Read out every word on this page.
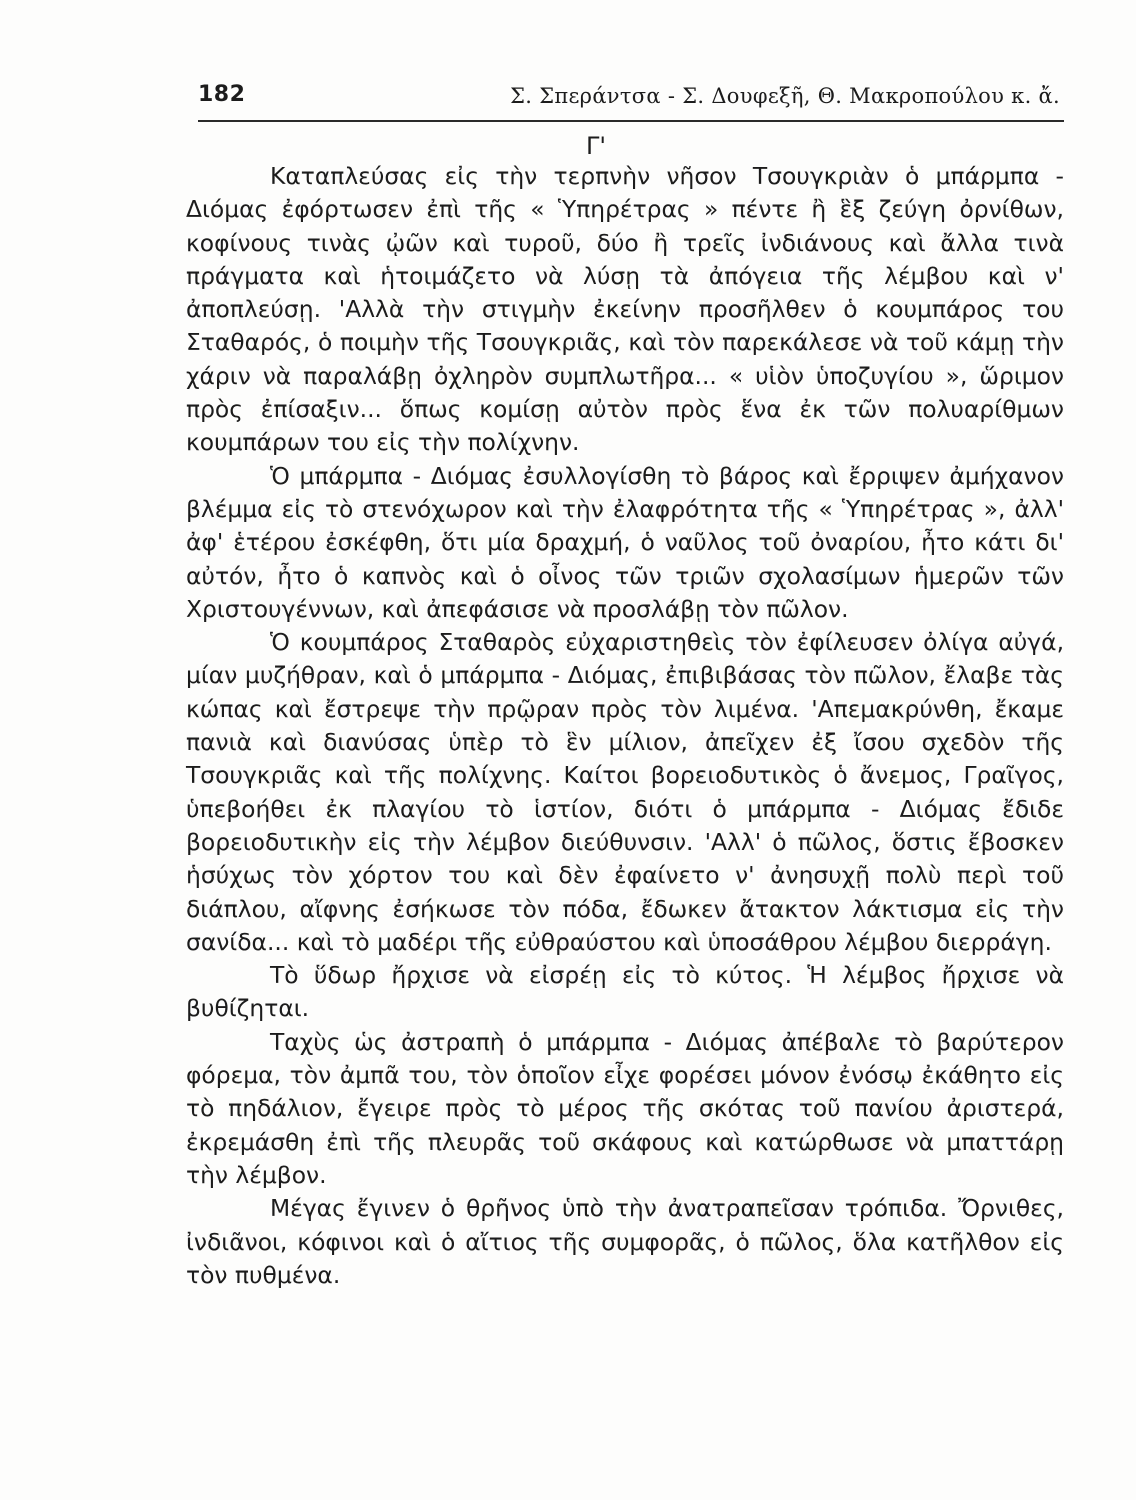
182	Σ. Σπεράντσα - Σ. Δουφεξῆ, Θ. Μακροπούλου κ. ἄ.
Γ'

Καταπλεύσας εἰς τὴν τερπνὴν νῆσον Τσουγκριὰν ὁ μπάρμπα - Διόμας ἐφόρτωσεν ἐπὶ τῆς « Ὑπηρέτρας » πέντε ἢ ἓξ ζεύγη ὀρνίθων, κοφίνους τινὰς ᾠῶν καὶ τυροῦ, δύο ἢ τρεῖς ἰνδιάνους καὶ ἄλλα τινὰ πράγματα καὶ ἡτοιμάζετο νὰ λύσῃ τὰ ἀπόγεια τῆς λέμβου καὶ ν' ἀποπλεύσῃ. 'Αλλὰ τὴν στιγμὴν ἐκείνην προσῆλθεν ὁ κουμπάρος του Σταθαρός, ὁ ποιμὴν τῆς Τσουγκριᾶς, καὶ τὸν παρεκάλεσε νὰ τοῦ κάμῃ τὴν χάριν νὰ παραλάβῃ ὀχληρὸν συμπλωτῆρα... « υἱὸν ὑποζυγίου », ὥριμον πρὸς ἐπίσαξιν... ὅπως κομίσῃ αὐτὸν πρὸς ἕνα ἐκ τῶν πολυαρίθμων κουμπάρων του εἰς τὴν πολίχνην.

Ὁ μπάρμπα - Διόμας ἐσυλλογίσθη τὸ βάρος καὶ ἔρριψεν ἀμήχανον βλέμμα εἰς τὸ στενόχωρον καὶ τὴν ἐλαφρότητα τῆς « Ὑπηρέτρας », ἀλλ' ἀφ' ἑτέρου ἐσκέφθη, ὅτι μία δραχμή, ὁ ναῦλος τοῦ ὀναρίου, ἦτο κάτι δι' αὐτόν, ἦτο ὁ καπνὸς καὶ ὁ οἶνος τῶν τριῶν σχολασίμων ἡμερῶν τῶν Χριστουγέννων, καὶ ἀπεφάσισε νὰ προσλάβῃ τὸν πῶλον.

Ὁ κουμπάρος Σταθαρὸς εὐχαριστηθεὶς τὸν ἐφίλευσεν ὀλίγα αὐγά, μίαν μυζήθραν, καὶ ὁ μπάρμπα - Διόμας, ἐπιβιβάσας τὸν πῶλον, ἔλαβε τὰς κώπας καὶ ἔστρεψε τὴν πρῷραν πρὸς τὸν λιμένα. 'Απεμακρύνθη, ἔκαμε πανιὰ καὶ διανύσας ὑπὲρ τὸ ἓν μίλιον, ἀπεῖχεν ἐξ ἴσου σχεδὸν τῆς Τσουγκριᾶς καὶ τῆς πολίχνης. Καίτοι βορειοδυτικὸς ὁ ἄνεμος, Γραῖγος, ὑπεβοήθει ἐκ πλαγίου τὸ ἱστίον, διότι ὁ μπάρμπα - Διόμας ἔδιδε βορειοδυτικὴν εἰς τὴν λέμβον διεύθυνσιν. 'Αλλ' ὁ πῶλος, ὅστις ἔβοσκεν ἡσύχως τὸν χόρτον του καὶ δὲν ἐφαίνετο ν' ἀνησυχῇ πολὺ περὶ τοῦ διάπλου, αἴφνης ἐσήκωσε τὸν πόδα, ἔδωκεν ἄτακτον λάκτισμα εἰς τὴν σανίδα... καὶ τὸ μαδέρι τῆς εὐθραύστου καὶ ὑποσάθρου λέμβου διερράγη.

Τὸ ὕδωρ ἤρχισε νὰ εἰσρέῃ εἰς τὸ κύτος. Ἡ λέμβος ἤρχισε νὰ βυθίζηται.

Ταχὺς ὡς ἀστραπὴ ὁ μπάρμπα - Διόμας ἀπέβαλε τὸ βαρύτερον φόρεμα, τὸν ἀμπᾶ του, τὸν ὁποῖον εἶχε φορέσει μόνον ἐνόσῳ ἐκάθητο εἰς τὸ πηδάλιον, ἔγειρε πρὸς τὸ μέρος τῆς σκότας τοῦ πανίου ἀριστερά, ἐκρεμάσθη ἐπὶ τῆς πλευρᾶς τοῦ σκάφους καὶ κατώρθωσε νὰ μπαττάρῃ τὴν λέμβον.

Μέγας ἔγινεν ὁ θρῆνος ὑπὸ τὴν ἀνατραπεῖσαν τρόπιδα. Ὄρνιθες, ἰνδιᾶνοι, κόφινοι καὶ ὁ αἴτιος τῆς συμφορᾶς, ὁ πῶλος, ὅλα κατῆλθον εἰς τὸν πυθμένα.
